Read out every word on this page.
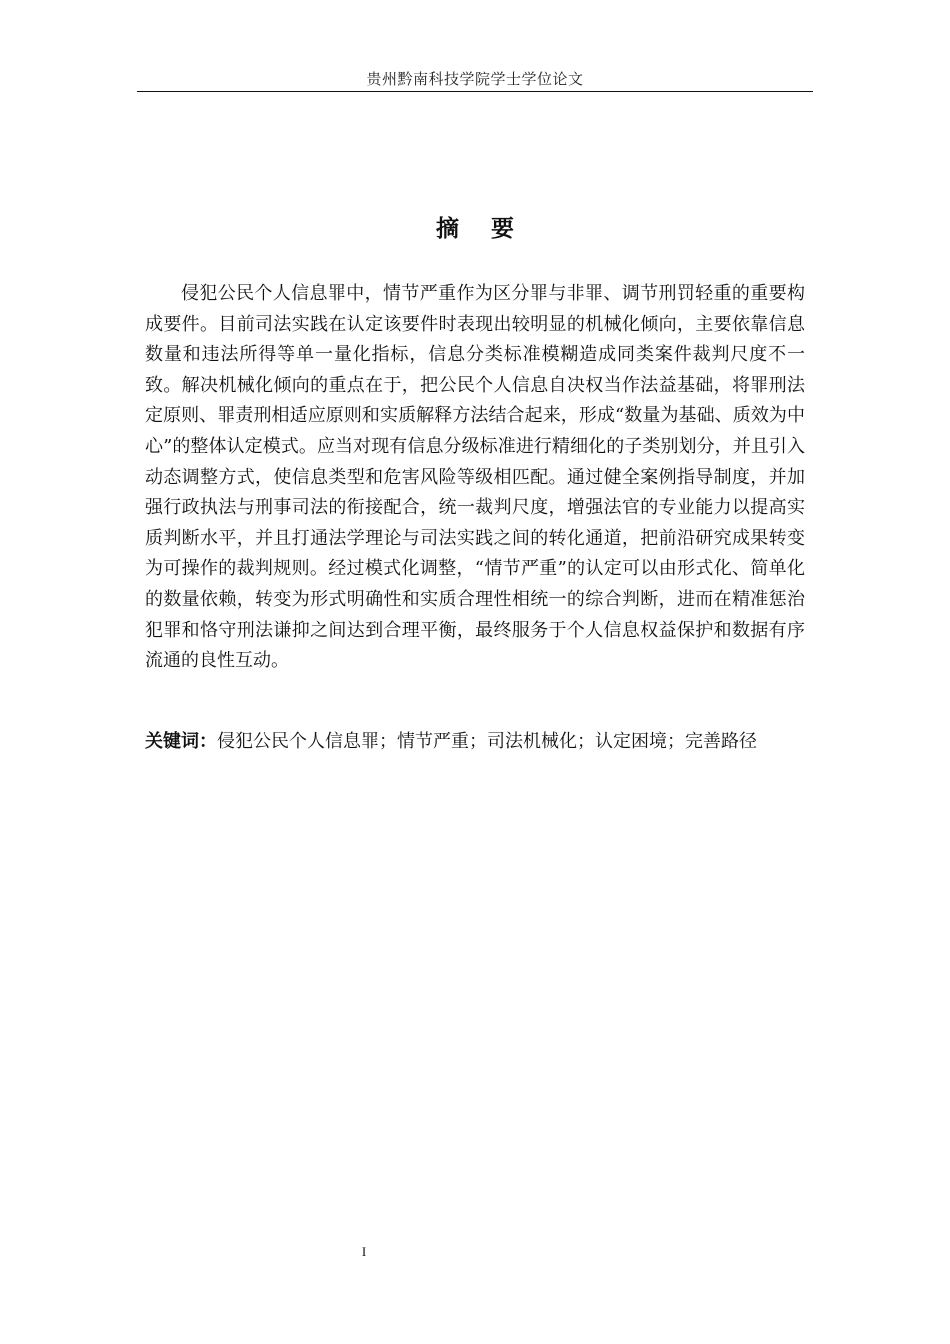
贵州黔南科技学院学士学位论文
摘 要

侵犯公民个人信息罪中，情节严重作为区分罪与非罪、调节刑罚轻重的重要构成要件。目前司法实践在认定该要件时表现出较明显的机械化倾向，主要依靠信息数量和违法所得等单一量化指标，信息分类标准模糊造成同类案件裁判尺度不一致。解决机械化倾向的重点在于，把公民个人信息自决权当作法益基础，将罪刑法定原则、罪责刑相适应原则和实质解释方法结合起来，形成“数量为基础、质效为中心”的整体认定模式。应当对现有信息分级标准进行精细化的子类别划分，并且引入动态调整方式，使信息类型和危害风险等级相匹配。通过健全案例指导制度，并加强行政执法与刑事司法的衔接配合，统一裁判尺度，增强法官的专业能力以提高实质判断水平，并且打通法学理论与司法实践之间的转化通道，把前沿研究成果转变为可操作的裁判规则。经过模式化调整，“情节严重”的认定可以由形式化、简单化的数量依赖，转变为形式明确性和实质合理性相统一的综合判断，进而在精准惩治犯罪和恪守刑法谦抑之间达到合理平衡，最终服务于个人信息权益保护和数据有序流通的良性互动。

关键词：侵犯公民个人信息罪；情节严重；司法机械化；认定困境；完善路径

I
